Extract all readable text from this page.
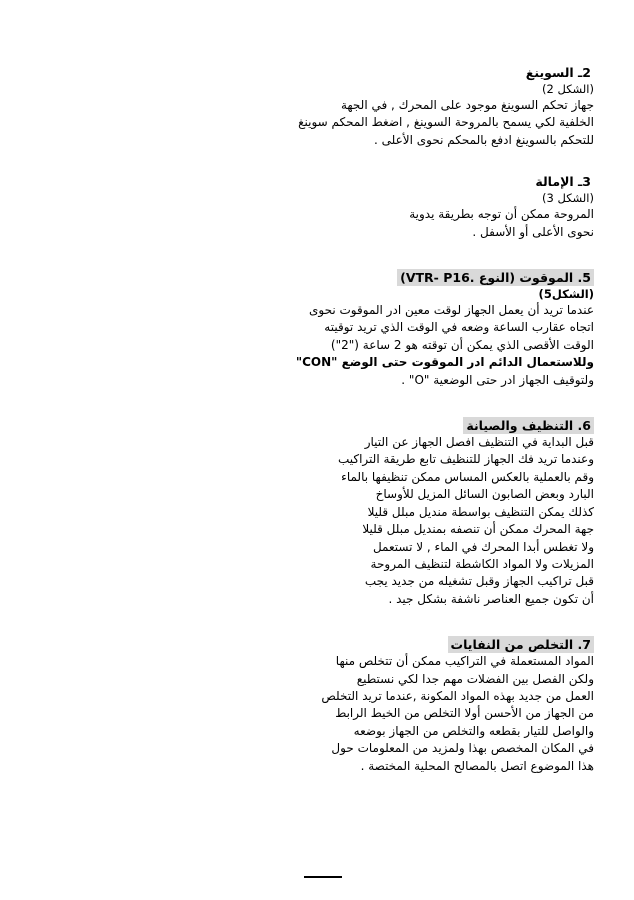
2ـ السوينغ

(الشكل 2)

جهاز تحكم السوينغ موجود على المحرك , في الجهة

الخلفية لكي يسمح بالمروحة السوينغ , اضغط المحكم سوينغ

للتحكم بالسوينغ ادفع بالمحكم نحوى الأعلى .

3ـ الإمالة

(الشكل 3)

المروحة ممكن أن توجه بطريقة يدوية

نحوى الأعلى أو الأسفل .

5. الموقوت (النوع .VTR- P16)

(الشكل5)

عندما تريد أن يعمل الجهاز لوقت معين ادر الموقوت نحوى

اتجاه عقارب الساعة وضعه في الوقت الذي تريد توقيته

الوقت الأقصى الذي يمكن أن توقته هو 2 ساعة ("2")

وللاستعمال الدائم ادر الموقوت حتى الوضع "CON"

ولتوقيف الجهاز ادر حتى الوضعية "O" .

6. التنظيف والصيانة

قبل البداية في التنظيف افصل الجهاز عن التيار

وعندما تريد فك الجهاز للتنظيف تابع طريقة التراكيب

وقم بالعملية بالعكس المساس ممكن تنظيفها بالماء

البارد وبعض الصابون السائل المزيل للأوساخ

كذلك يمكن التنظيف بواسطة منديل مبلل قليلا

جهة المحرك ممكن أن تنصفه بمنديل مبلل قليلا

ولا تغطس أبدا المحرك في الماء , لا تستعمل

المزيلات ولا المواد الكاشطة لتنظيف المروحة

قبل تراكيب الجهاز وقبل تشغيله من جديد يجب

أن تكون جميع العناصر ناشفة بشكل جيد .

7. التخلص من النفايات

المواد المستعملة في التراكيب ممكن أن تتخلص منها

ولكن الفصل بين الفضلات مهم جدا لكي نستطيع

العمل من جديد بهذه المواد المكونة ,عندما تريد التخلص

من الجهاز من الأحسن أولا التخلص من الخيط الرابط

والواصل للتيار بقطعه والتخلص من الجهاز بوضعه

في المكان المخصص بهذا ولمزيد من المعلومات حول

هذا الموضوع اتصل بالمصالح المحلية المختصة .
